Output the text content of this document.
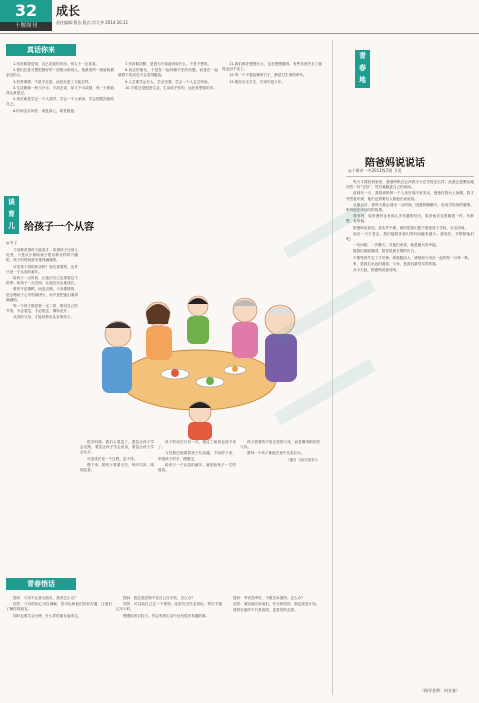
32
十堰周刊
成长
责任编辑:曹洁 版式:肖大齐 2014.10.31
真话你来

1.有时候我觉得，自己喜欢的东西，别人不一定喜欢。

2.我们总是习惯把最好的一面展示给别人，把最差的一面留给最亲近的人。

3.有些事情，不是不在意，而是在意了又能怎样。

4.生活就像一杯白开水，平淡无奇，却又不可或缺，每一天都值得认真度过。

5.成长就是学会一个人面对，学会一个人承担，学会把眼泪留给自己。

6.时间会告诉你，谁是真心，谁是假意。

7.有时候沉默，是因为不知道该说什么，不是不想说。

8.真正的朋友，不是在一起有聊不完的话题，而是在一起就算不说话也不会觉得尴尬。

9.人总要学会长大，学会坚强，学会一个人走过风雨。

10.不要总是抱怨生活，生活给予你的，远比你想象的多。

11.我们都在慢慢长大，也在慢慢懂得，有些东西失去了就再也回不来了。

12.每一个不曾起舞的日子，都是对生命的辜负。

13.愿你出走半生，归来仍是少年。

谈
育
儿 给孩子一个从容
◎卡子

父母都希望孩子能成才，希望孩子比别人优秀，于是从小就给孩子报各种各样的兴趣班，孩子的时间被安排得满满的。

可是孩子真的快乐吗？他们需要的，也许只是一个从容的童年。

给孩子一点时间，让他们自己去探索这个世界；给孩子一点空间，让他们自由地成长。

教育不是填鸭，而是点燃。父母要做的，是点燃孩子心中的那团火，而不是把他们塞得满满的。

每一个孩子都是独一无二的，都有自己的节奏，不必着急，不必焦虑，静待花开。

从容的父母，才能培养出从容的孩子。

很多时候，我们太着急了，着急让孩子学会走路，着急让孩子学会说话，着急让孩子学会认字。

可是成长是一个过程，急不得。

慢下来，陪孩子看看天空，听听鸟叫，闻闻花香。

孩子的成长只有一次，错过了就再也回不来了。

与其焦虑地推着孩子往前跑，不如停下来，牵着孩子的手，慢慢走。

给孩子一个从容的童年，就是给孩子一生的财富。

孩子需要的不是完美的父母，而是懂得陪伴的父母。

愿每一个孩子都能在爱中从容长大。

（推自《南方周末》）

青
春
地
陪爸妈说说话
◎十堰市一中2011级7班 卫昊

每天下课回到家里，爸爸妈妈总会问我今天在学校怎么样，而我总是敷衍地回答一句“还好”，然后就躲进自己的房间。

直到有一天，我看到妈妈一个人坐在客厅里发呆，爸爸在阳台上抽烟，我才突然意识到，他们也需要有人陪他们说说话。

从那以后，我每天都会抽出一点时间，陪爸妈聊聊天，说说学校里的趣事，听听他们年轻时的故事。

我发现，原来爸妈也有那么多有趣的经历，原来他们也曾像我一样，有梦想，有烦恼。

陪爸妈说说话，其实并不难，难的是我们愿不愿意放下手机，走出房间。

他们一天天老去，我们能陪伴他们的时间越来越少。趁现在，多陪陪他们吧。

一句问候，一次聊天，对他们来说，就是最大的幸福。

愿我们都能懂得，陪伴是最长情的告白。

不要等到失去了才后悔，珍惜眼前人，珍惜和父母在一起的每一分每一秒。

家，是我们永远的港湾；父母，是我们最坚实的依靠。

从今天起，陪爸妈说说话吧。

（指导老师：何长春）
青春悄话

提问：父母不让我交朋友，我该怎么办？

回答：父母的担心可以理解，你可以和他们好好沟通，让他们了解你的朋友。

同时也要学会分辨，什么样的朋友值得交。

提问：我总是控制不住自己玩手机，怎么办？

回答：可以给自己定一个规则，比如写完作业再玩，每次不超过半小时。

慢慢培养自控力，你会发现生活中还有很多有趣的事。

提问：考试没考好，不敢告诉爸妈，怎么办？

回答：诚实地告诉他们，并分析原因，制定改进计划。

爸妈在意的不只是成绩，更是你的态度。
